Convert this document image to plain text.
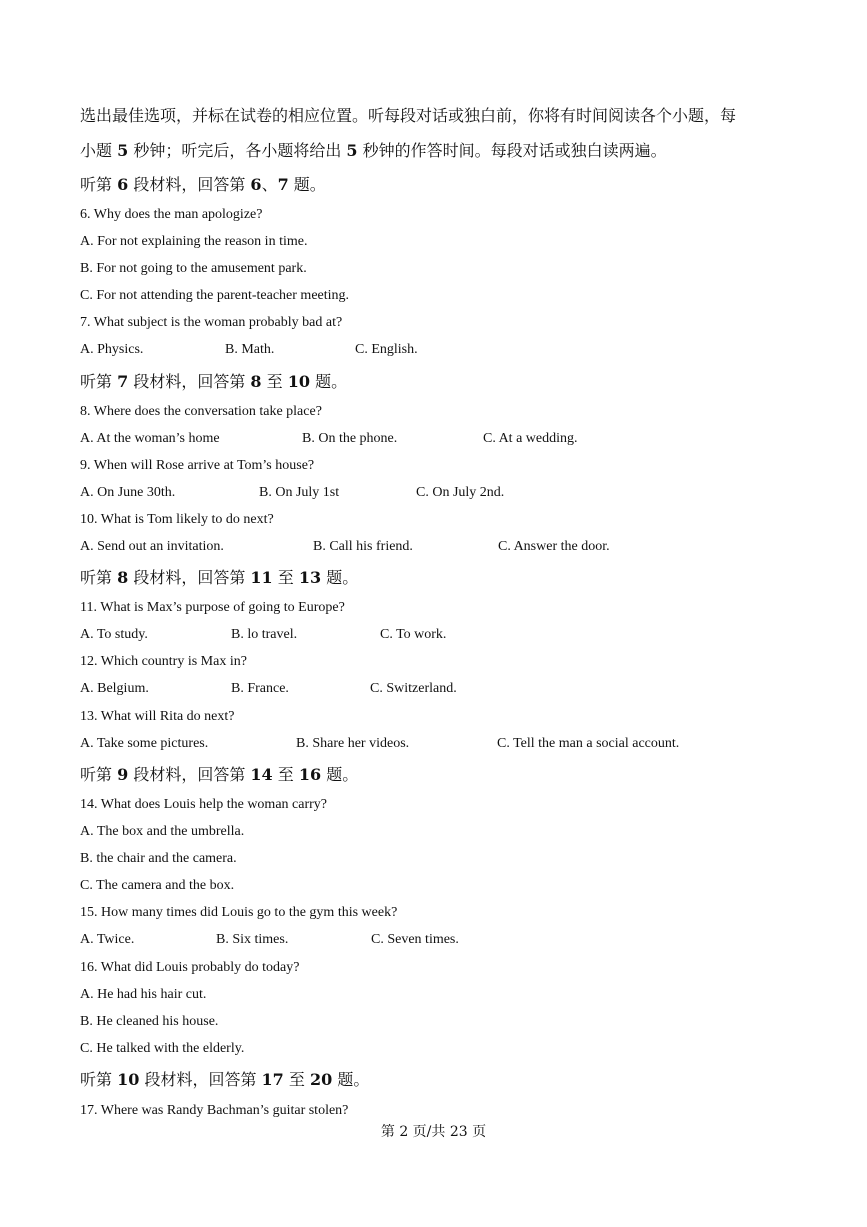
选出最佳选项，并标在试卷的相应位置。听每段对话或独白前，你将有时间阅读各个小题，每
小题 5 秒钟；听完后，各小题将给出 5 秒钟的作答时间。每段对话或独白读两遍。
听第 6 段材料，回答第 6、7 题。
6. Why does the man apologize?
A. For not explaining the reason in time.
B. For not going to the amusement park.
C. For not attending the parent-teacher meeting.
7. What subject is the woman probably bad at?
A. Physics.	B. Math.	C. English.
听第 7 段材料，回答第 8 至 10 题。
8. Where does the conversation take place?
A. At the woman’s home	B. On the phone.	C. At a wedding.
9. When will Rose arrive at Tom’s house?
A. On June 30th.	B. On July 1st	C. On July 2nd.
10. What is Tom likely to do next?
A. Send out an invitation.	B. Call his friend.	C. Answer the door.
听第 8 段材料，回答第 11 至 13 题。
11. What is Max’s purpose of going to Europe?
A. To study.	B. lo travel.	C. To work.
12. Which country is Max in?
A. Belgium.	B. France.	C. Switzerland.
13. What will Rita do next?
A. Take some pictures.	B. Share her videos.	C. Tell the man a social account.
听第 9 段材料，回答第 14 至 16 题。
14. What does Louis help the woman carry?
A. The box and the umbrella.
B. the chair and the camera.
C. The camera and the box.
15. How many times did Louis go to the gym this week?
A. Twice.	B. Six times.	C. Seven times.
16. What did Louis probably do today?
A. He had his hair cut.
B. He cleaned his house.
C. He talked with the elderly.
听第 10 段材料，回答第 17 至 20 题。
17. Where was Randy Bachman’s guitar stolen?
第 2 页/共 23 页
